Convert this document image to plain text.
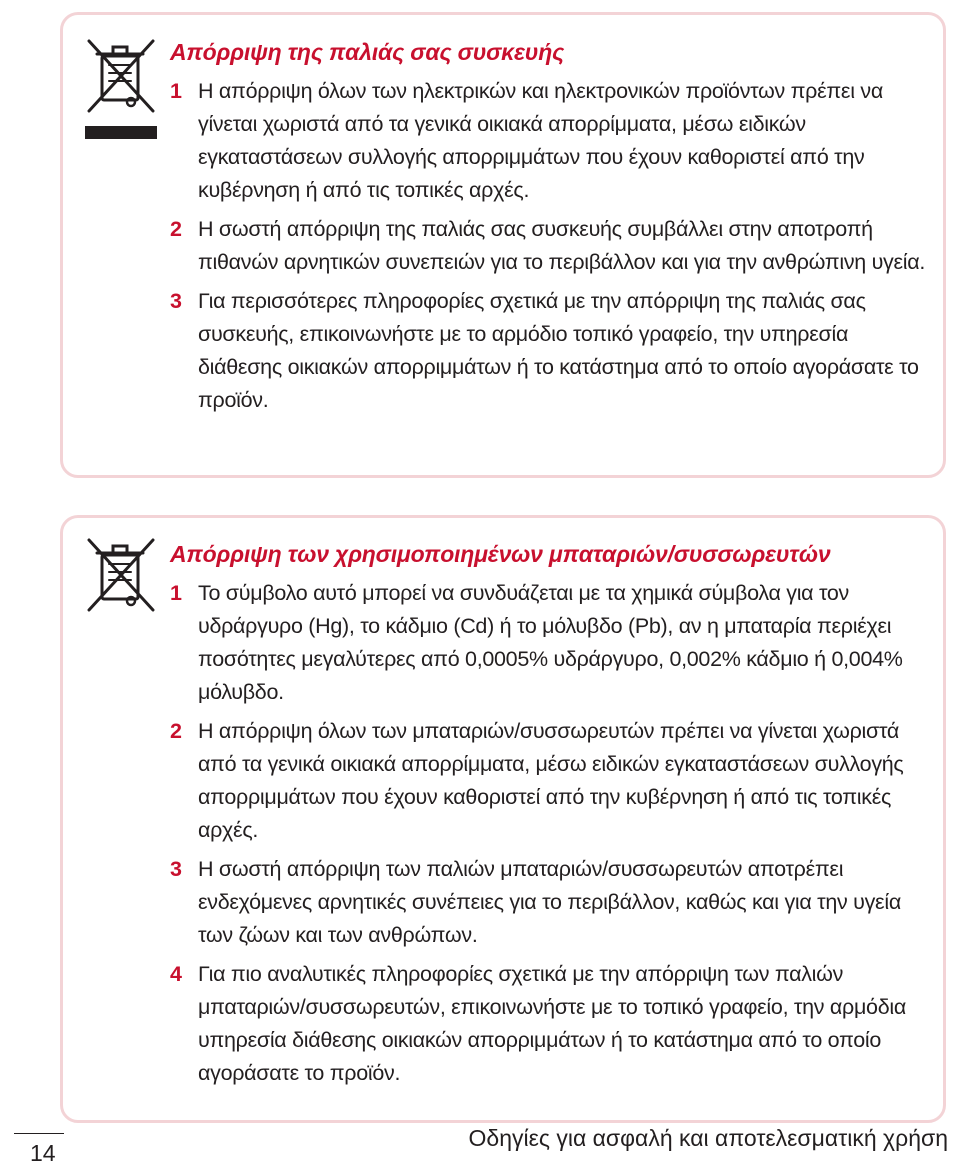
Απόρριψη της παλιάς σας συσκευής
1 Η απόρριψη όλων των ηλεκτρικών και ηλεκτρονικών προϊόντων πρέπει να γίνεται χωριστά από τα γενικά οικιακά απορρίμματα, μέσω ειδικών εγκαταστάσεων συλλογής απορριμμάτων που έχουν καθοριστεί από την κυβέρνηση ή από τις τοπικές αρχές.
2 Η σωστή απόρριψη της παλιάς σας συσκευής συμβάλλει στην αποτροπή πιθανών αρνητικών συνεπειών για το περιβάλλον και για την ανθρώπινη υγεία.
3 Για περισσότερες πληροφορίες σχετικά με την απόρριψη της παλιάς σας συσκευής, επικοινωνήστε με το αρμόδιο τοπικό γραφείο, την υπηρεσία διάθεσης οικιακών απορριμμάτων ή το κατάστημα από το οποίο αγοράσατε το προϊόν.
Απόρριψη των χρησιμοποιημένων μπαταριών/συσσωρευτών
1 Το σύμβολο αυτό μπορεί να συνδυάζεται με τα χημικά σύμβολα για τον υδράργυρο (Hg), το κάδμιο (Cd) ή το μόλυβδο (Pb), αν η μπαταρία περιέχει ποσότητες μεγαλύτερες από 0,0005% υδράργυρο, 0,002% κάδμιο ή 0,004% μόλυβδο.
2 Η απόρριψη όλων των μπαταριών/συσσωρευτών πρέπει να γίνεται χωριστά από τα γενικά οικιακά απορρίμματα, μέσω ειδικών εγκαταστάσεων συλλογής απορριμμάτων που έχουν καθοριστεί από την κυβέρνηση ή από τις τοπικές αρχές.
3 Η σωστή απόρριψη των παλιών μπαταριών/συσσωρευτών αποτρέπει ενδεχόμενες αρνητικές συνέπειες για το περιβάλλον, καθώς και για την υγεία των ζώων και των ανθρώπων.
4 Για πιο αναλυτικές πληροφορίες σχετικά με την απόρριψη των παλιών μπαταριών/συσσωρευτών, επικοινωνήστε με το τοπικό γραφείο, την αρμόδια υπηρεσία διάθεσης οικιακών απορριμμάτων ή το κατάστημα από το οποίο αγοράσατε το προϊόν.
14
Οδηγίες για ασφαλή και αποτελεσματική χρήση
